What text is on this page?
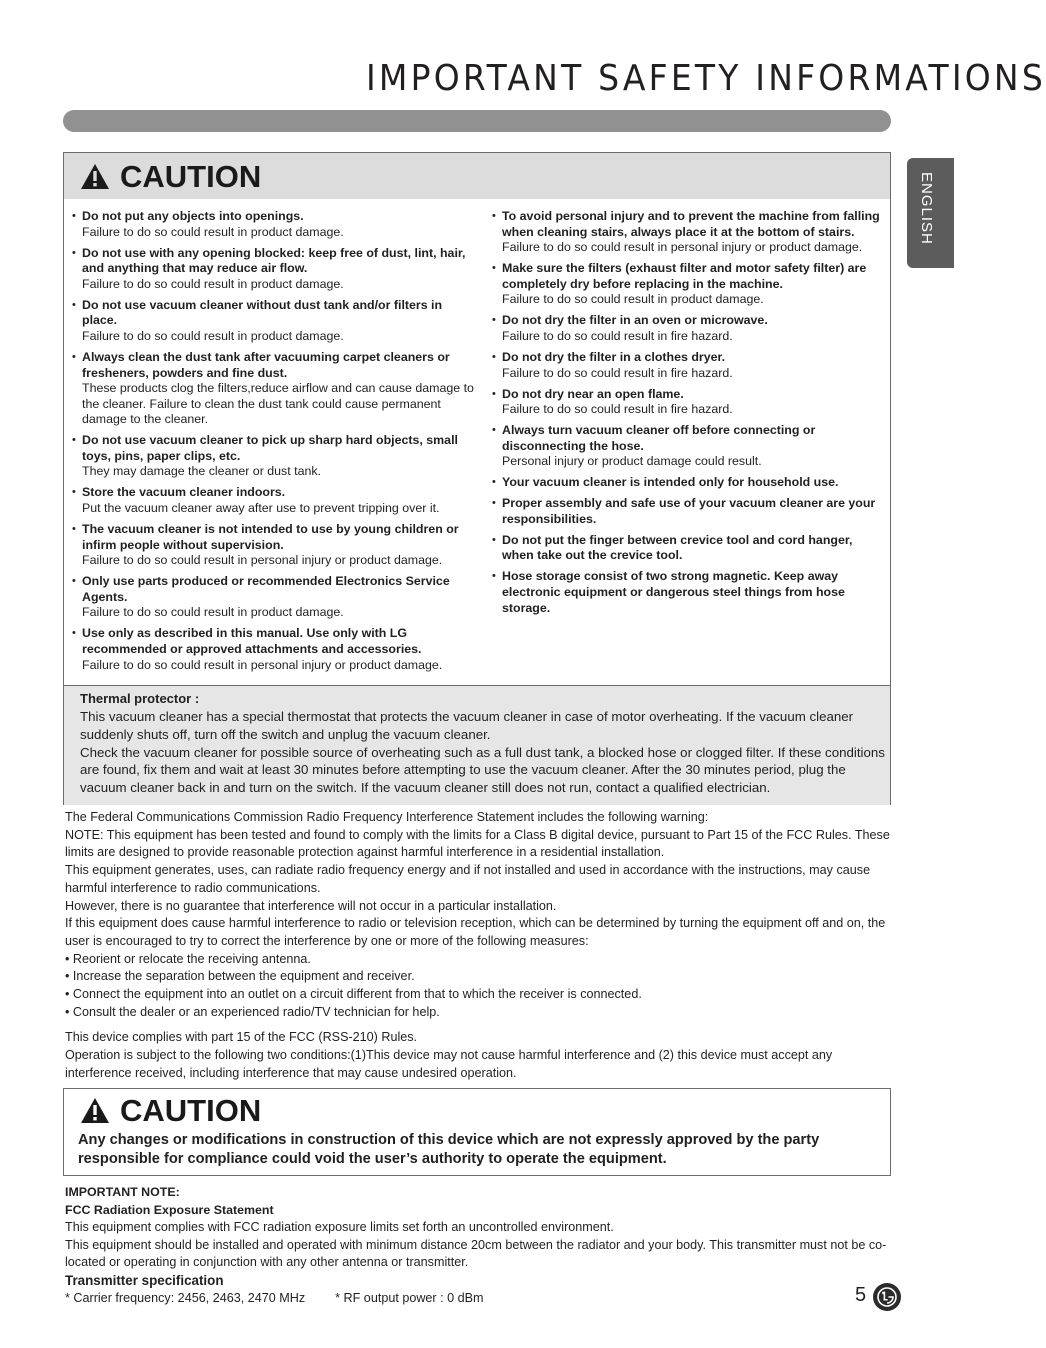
IMPORTANT SAFETY INFORMATIONS
ENGLISH
CAUTION
• Do not put any objects into openings.
Failure to do so could result in product damage.
• Do not use with any opening blocked: keep free of dust, lint, hair, and anything that may reduce air flow.
Failure to do so could result in product damage.
• Do not use vacuum cleaner without dust tank and/or filters in place.
Failure to do so could result in product damage.
• Always clean the dust tank after vacuuming carpet cleaners or fresheners, powders and fine dust.
These products clog the filters,reduce airflow and can cause damage to the cleaner. Failure to clean the dust tank could cause permanent damage to the cleaner.
• Do not use vacuum cleaner to pick up sharp hard objects, small toys, pins, paper clips, etc.
They may damage the cleaner or dust tank.
• Store the vacuum cleaner indoors.
Put the vacuum cleaner away after use to prevent tripping over it.
• The vacuum cleaner is not intended to use by young children or infirm people without supervision.
Failure to do so could result in personal injury or product damage.
• Only use parts produced or recommended Electronics Service Agents.
Failure to do so could result in product damage.
• Use only as described in this manual. Use only with LG recommended or approved attachments and accessories.
Failure to do so could result in personal injury or product damage.
• To avoid personal injury and to prevent the machine from falling when cleaning stairs, always place it at the bottom of stairs.
Failure to do so could result in personal injury or product damage.
• Make sure the filters (exhaust filter and motor safety filter) are completely dry before replacing in the machine.
Failure to do so could result in product damage.
• Do not dry the filter in an oven or microwave.
Failure to do so could result in fire hazard.
• Do not dry the filter in a clothes dryer.
Failure to do so could result in fire hazard.
• Do not dry near an open flame.
Failure to do so could result in fire hazard.
• Always turn vacuum cleaner off before connecting or disconnecting the hose.
Personal injury or product damage could result.
• Your vacuum cleaner is intended only for household use.
• Proper assembly and safe use of your vacuum cleaner are your responsibilities.
• Do not put the finger between crevice tool and cord hanger, when take out the crevice tool.
• Hose storage consist of two strong magnetic. Keep away electronic equipment or dangerous steel things from hose storage.
Thermal protector :
This vacuum cleaner has a special thermostat that protects the vacuum cleaner in case of motor overheating. If the vacuum cleaner suddenly shuts off, turn off the switch and unplug the vacuum cleaner.
Check the vacuum cleaner for possible source of overheating such as a full dust tank, a blocked hose or clogged filter. If these conditions are found, fix them and wait at least 30 minutes before attempting to use the vacuum cleaner. After the 30 minutes period, plug the vacuum cleaner back in and turn on the switch. If the vacuum cleaner still does not run, contact a qualified electrician.

The Federal Communications Commission Radio Frequency Interference Statement includes the following warning:

NOTE: This equipment has been tested and found to comply with the limits for a Class B digital device, pursuant to Part 15 of the FCC Rules. These limits are designed to provide reasonable protection against harmful interference in a residential installation.

This equipment generates, uses, can radiate radio frequency energy and if not installed and used in accordance with the instructions, may cause harmful interference to radio communications.

However, there is no guarantee that interference will not occur in a particular installation.

If this equipment does cause harmful interference to radio or television reception, which can be determined by turning the equipment off and on, the user is encouraged to try to correct the interference by one or more of the following measures:

• Reorient or relocate the receiving antenna.

• Increase the separation between the equipment and receiver.

• Connect the equipment into an outlet on a circuit different from that to which the receiver is connected.

• Consult the dealer or an experienced radio/TV technician for help.

This device complies with part 15 of the FCC (RSS-210) Rules.

Operation is subject to the following two conditions:(1)This device may not cause harmful interference and (2) this device must accept any interference received, including interference that may cause undesired operation.

CAUTION
Any changes or modifications in construction of this device which are not expressly approved by the party responsible for compliance could void the user’s authority to operate the equipment.

IMPORTANT NOTE:

FCC Radiation Exposure Statement

This equipment complies with FCC radiation exposure limits set forth an uncontrolled environment.

This equipment should be installed and operated with minimum distance 20cm between the radiator and your body. This transmitter must not be co-located or operating in conjunction with any other antenna or transmitter.

Transmitter specification

* Carrier frequency: 2456, 2463, 2470 MHz * RF output power : 0 dBm	5
